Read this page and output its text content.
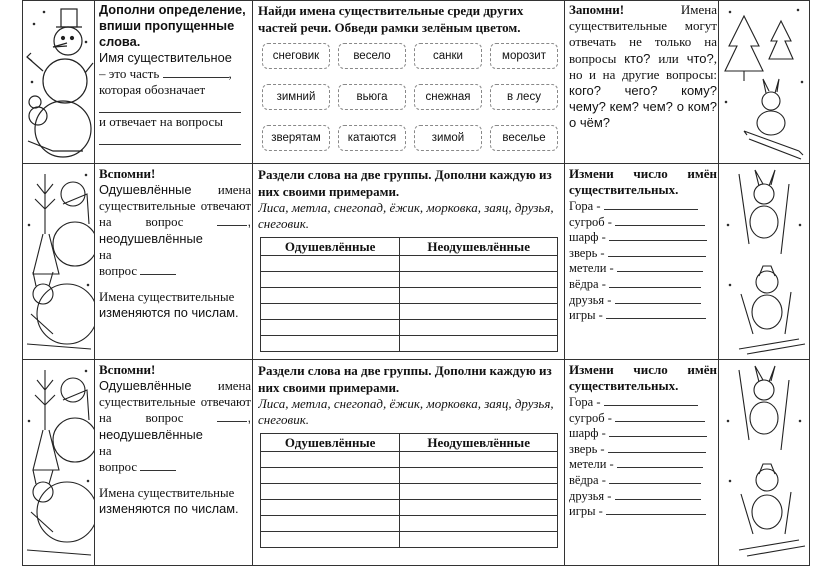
Дополни определение, впиши пропущенные слова.
Имя существительное
– это часть	,
которая обозначает
и отвечает на вопросы
Найди имена существительные среди других частей речи. Обведи рамки зелёным цветом.
снеговик	весело	санки	морозит
зимний	вьюга	снежная	в лесу
зверятам	катаются	зимой	веселье
Запомни!	Имена существительные могут отвечать не только на вопросы кто? или что?, но и на другие вопросы: кого? чего? кому? чему? кем? чем? о ком? о чём?
Вспомни!
Одушевлённые имена существительные отвечают на вопрос	, неодушевлённые
на
вопрос
Имена существительные изменяются по числам.
Раздели слова на две группы. Дополни каждую из них своими примерами.
Лиса, метла, снегопад, ёжик, морковка, заяц, друзья, снеговик.
Одушевлённые	Неодушевлённые

Измени число имён существительных.
Гора -
сугроб -
шарф -
зверь -
метели -
вёдра -
друзья -
игры -
Вспомни!
Одушевлённые имена существительные отвечают на вопрос	, неодушевлённые
на
вопрос
Имена существительные изменяются по числам.
Раздели слова на две группы. Дополни каждую из них своими примерами.
Лиса, метла, снегопад, ёжик, морковка, заяц, друзья, снеговик.
Одушевлённые	Неодушевлённые

Измени число имён существительных.
Гора -
сугроб -
шарф -
зверь -
метели -
вёдра -
друзья -
игры -
